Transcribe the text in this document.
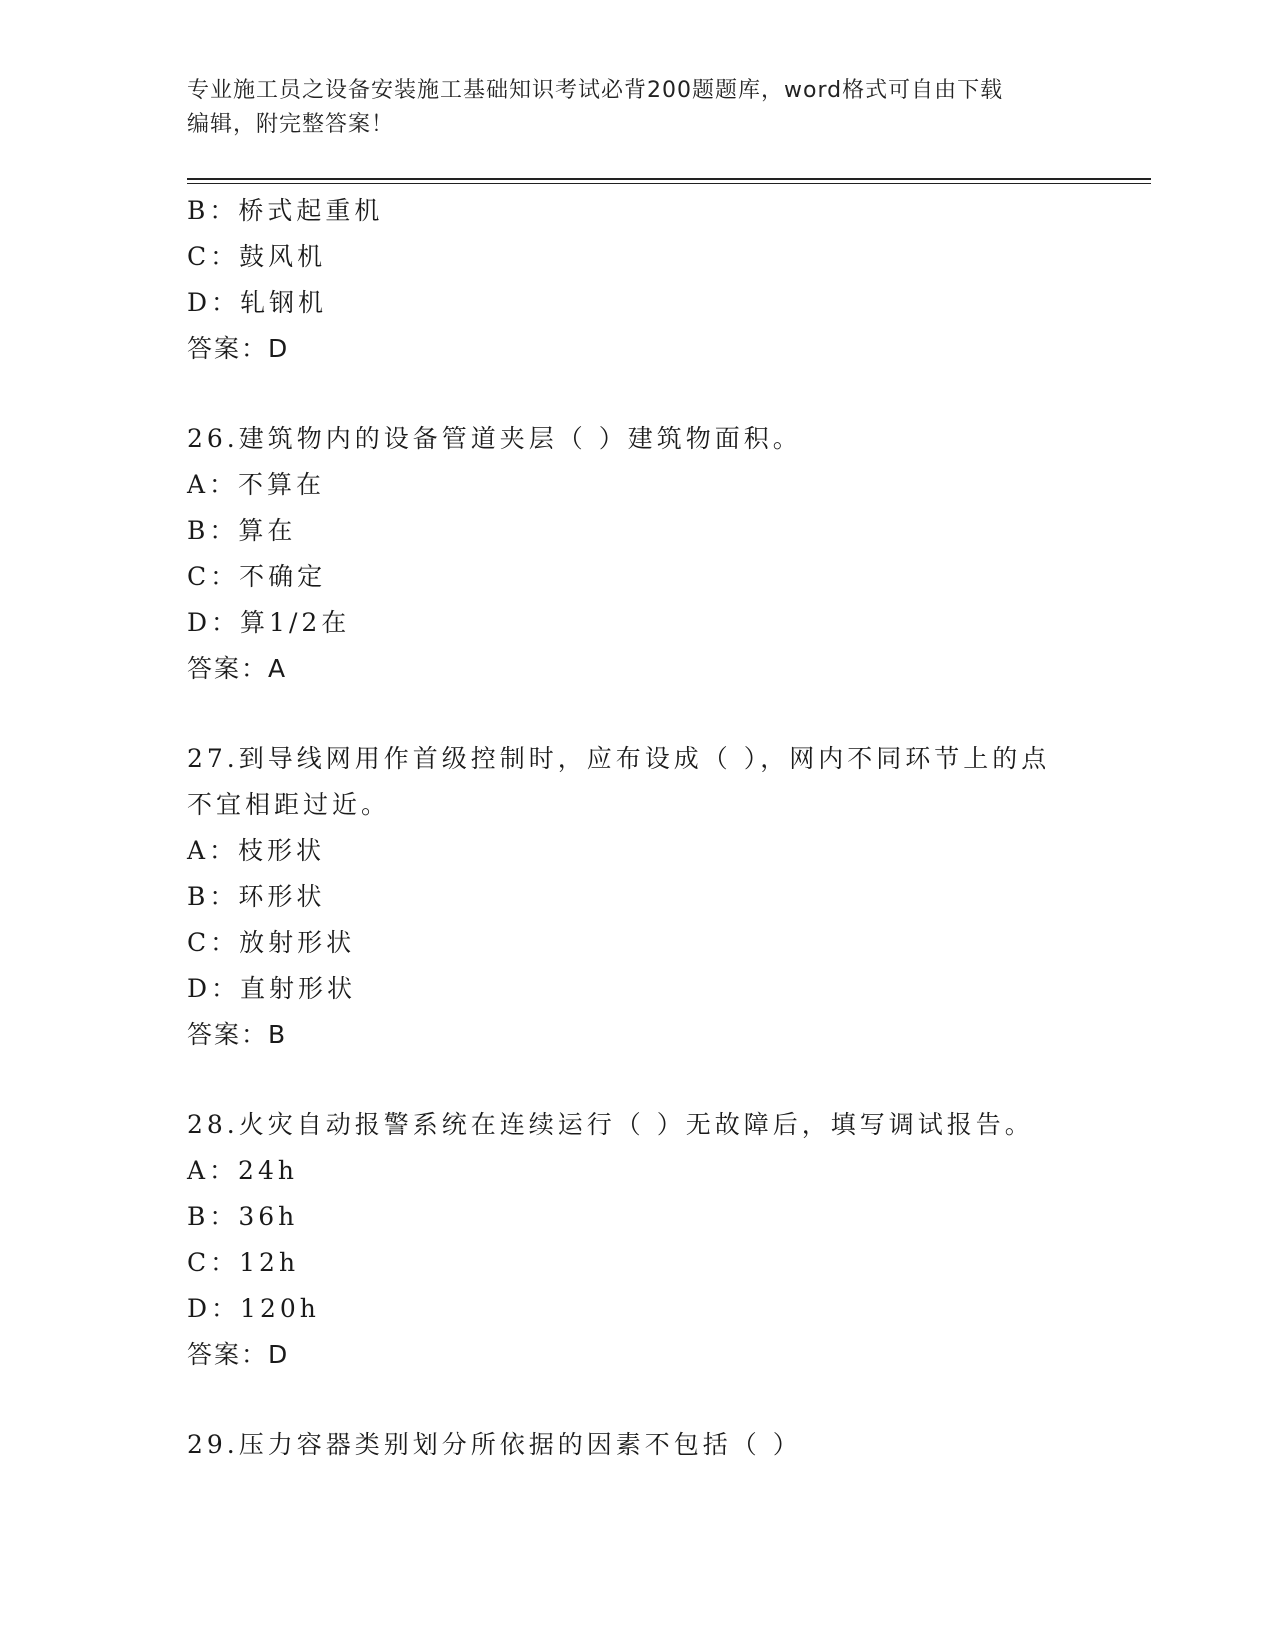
专业施工员之设备安装施工基础知识考试必背200题题库，word格式可自由下载
编辑，附完整答案！
B：桥式起重机
C：鼓风机
D：轧钢机
答案：D
26.建筑物内的设备管道夹层（ ）建筑物面积。
A：不算在
B：算在
C：不确定
D：算1/2在
答案：A
27.到导线网用作首级控制时，应布设成（ ），网内不同环节上的点
不宜相距过近。
A：枝形状
B：环形状
C：放射形状
D：直射形状
答案：B
28.火灾自动报警系统在连续运行（ ）无故障后，填写调试报告。
A：24h
B：36h
C：12h
D：120h
答案：D
29.压力容器类别划分所依据的因素不包括（ ）
